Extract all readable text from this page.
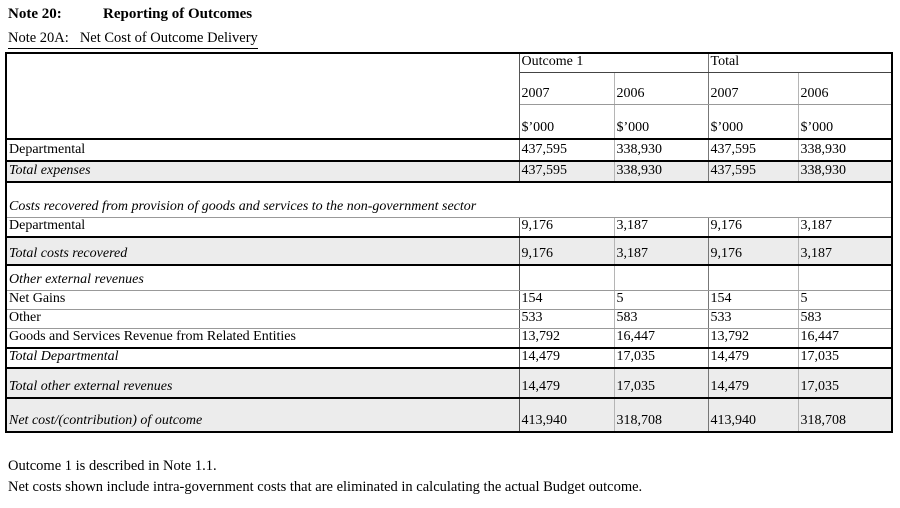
Note 20:	Reporting of Outcomes
Note 20A: Net Cost of Outcome Delivery
	Outcome 1		Total	
	2007	2006	2007	2006
	$’000	$’000	$’000	$’000
Departmental	437,595	338,930	437,595	338,930
Total expenses	437,595	338,930	437,595	338,930
Costs recovered from provision of goods and services to the non-government sector				
Departmental	9,176	3,187	9,176	3,187
Total costs recovered	9,176	3,187	9,176	3,187
Other external revenues				
Net Gains	154	5	154	5
Other	533	583	533	583
Goods and Services Revenue from Related Entities	13,792	16,447	13,792	16,447
Total Departmental	14,479	17,035	14,479	17,035
Total other external revenues	14,479	17,035	14,479	17,035
Net cost/(contribution) of outcome	413,940	318,708	413,940	318,708
Outcome 1 is described in Note 1.1.
Net costs shown include intra-government costs that are eliminated in calculating the actual Budget outcome.
